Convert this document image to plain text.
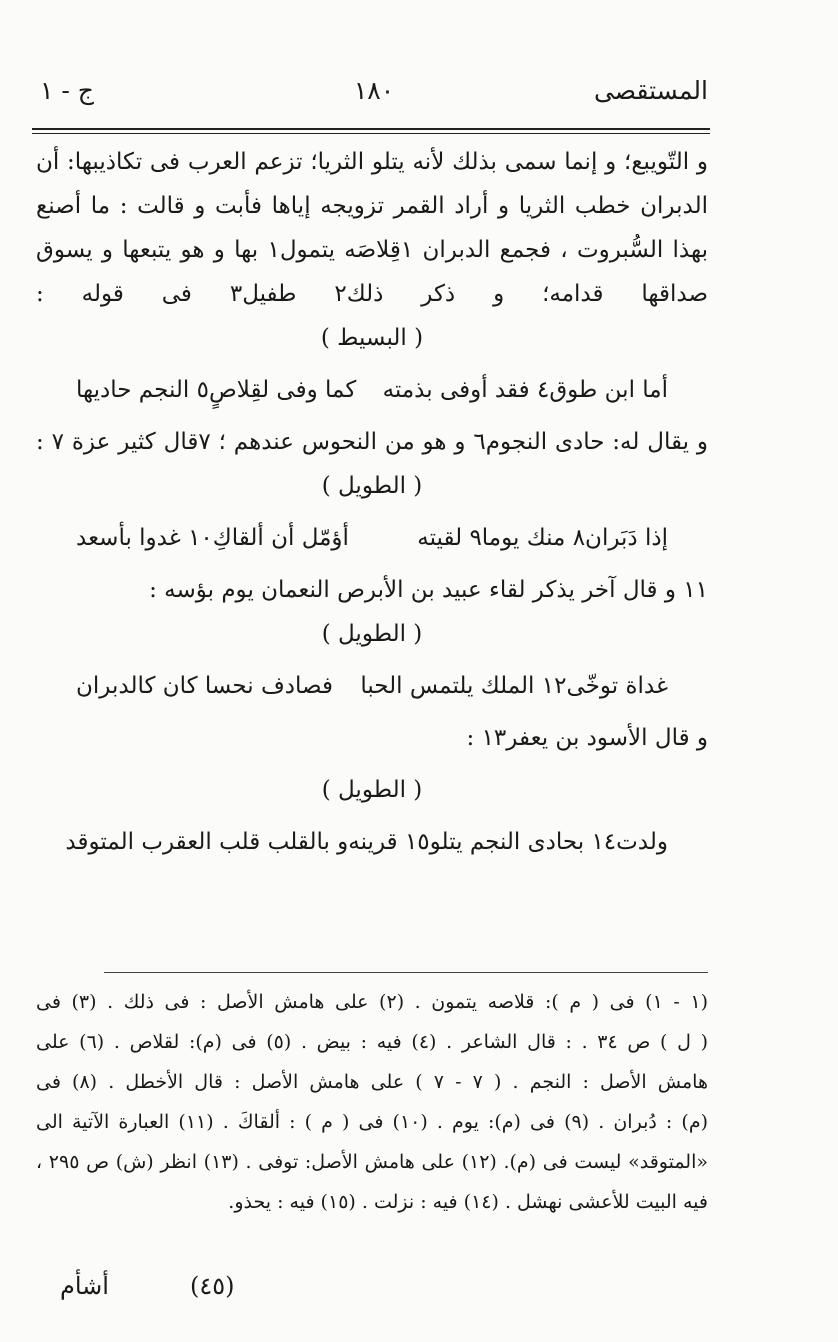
المستقصى
١٨٠
ج - ١
و التّويبع؛ و إنما سمى بذلك لأنه يتلو الثريا؛ تزعم العرب فى تكاذيبها: أن
الدبران خطب الثريا و أراد القمر تزويجه إياها فأبت و قالت : ما أصنع
بهذا السُّبروت ، فجمع الدبران ١قِلاصَه يتمول١ بها و هو يتبعها و يسوق
صداقها قدامه؛ و ذكر ذلك٢ طفيل٣ فى قوله :
( البسيط )
أما ابن طوق٤ فقد أوفى بذمته
كما وفى لقِلاصٍ٥ النجم حاديها
و يقال له: حادى النجوم٦ و هو من النحوس عندهم ؛ ٧قال كثير عزة ٧ :
( الطويل )
إذا دَبَران٨ منك يوما٩ لقيته
أؤمّل أن ألقاكِ١٠ غدوا بأسعد
١١ و قال آخر يذكر لقاء عبيد بن الأبرص النعمان يوم بؤسه :
( الطويل )
غداة توخّى١٢ الملك يلتمس الحبا
فصادف نحسا كان كالدبران
و قال الأسود بن يعفر١٣ :
( الطويل )
ولدت١٤ بحادى النجم يتلو١٥ قرينه
و بالقلب قلب العقرب المتوقد
(١ - ١) فى ( م ): قلاصه يتمون . (٢) على هامش الأصل : فى ذلك . (٣) فى
( ل ) ص ٣٤ . : قال الشاعر . (٤) فيه : بيض . (٥) فى (م): لقلاص . (٦) على
هامش الأصل : النجم . ( ٧ - ٧ ) على هامش الأصل : قال الأخطل . (٨) فى
(م) : دُبران . (٩) فى (م): يوم . (١٠) فى ( م ) : ألقاكَ . (١١) العبارة الآتية الى
«المتوقد» ليست فى (م). (١٢) على هامش الأصل: توفى . (١٣) انظر (ش) ص ٢٩٥ ،
فيه البيت للأعشى نهشل . (١٤) فيه : نزلت . (١٥) فيه : يحذو.
(٤٥)
أشأم
